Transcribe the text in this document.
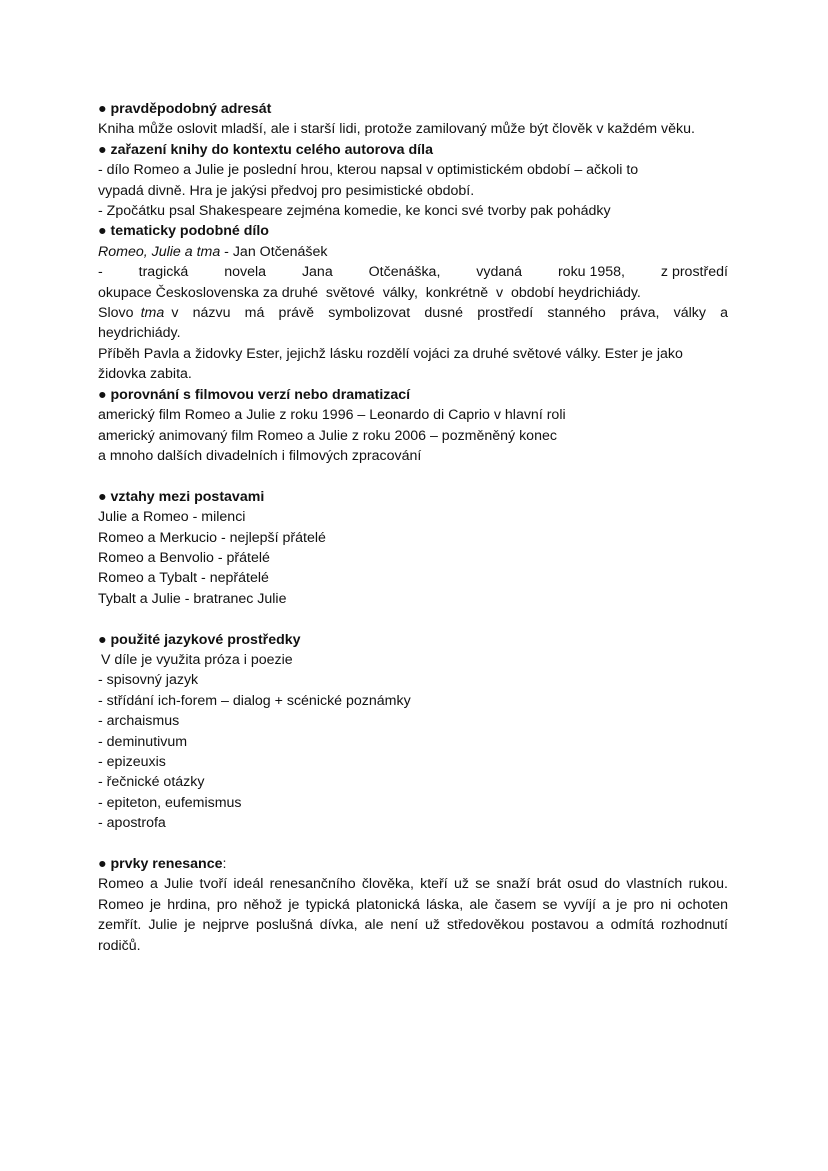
● pravděpodobný adresát
Kniha může oslovit mladší, ale i starší lidi, protože zamilovaný může být člověk v každém věku.
● zařazení knihy do kontextu celého autorova díla
- dílo Romeo a Julie je poslední hrou, kterou napsal v optimistickém období – ačkoli to
vypadá divně. Hra je jakýsi předvoj pro pesimistické období.
- Zpočátku psal Shakespeare zejména komedie, ke konci své tvorby pak pohádky
● tematicky podobné dílo
Romeo, Julie a tma - Jan Otčenášek
-	tragická	novela	Jana	Otčenáška,	vydaná	roku 1958,	z prostředí
okupace Československa za druhé  světové  války,  konkrétně  v  období heydrichiády.
Slovo tma v  názvu  má  právě  symbolizovat  dusné  prostředí  stanného  práva,  války  a heydrichiády.
Příběh Pavla a židovky Ester, jejichž lásku rozdělí vojáci za druhé světové války. Ester je jako
židovka zabita.
● porovnání s filmovou verzí nebo dramatizací
americký film Romeo a Julie z roku 1996 – Leonardo di Caprio v hlavní roli
americký animovaný film Romeo a Julie z roku 2006 – pozměněný konec
a mnoho dalších divadelních i filmových zpracování
● vztahy mezi postavami
Julie a Romeo - milenci
Romeo a Merkucio - nejlepší přátelé
Romeo a Benvolio - přátelé
Romeo a Tybalt - nepřátelé
Tybalt a Julie - bratranec Julie
● použité jazykové prostředky
V díle je využita próza i poezie
- spisovný jazyk
- střídání ich-forem – dialog + scénické poznámky
- archaismus
- deminutivum
- epizeuxis
- řečnické otázky
- epiteton, eufemismus
- apostrofa
● prvky renesance:
Romeo a Julie tvoří ideál renesančního člověka, kteří už se snaží brát osud do vlastních rukou. Romeo je hrdina, pro něhož je typická platonická láska, ale časem se vyvíjí a je pro ni ochoten zemřít. Julie je nejprve poslušná dívka, ale není už středověkou postavou a odmítá rozhodnutí rodičů.
